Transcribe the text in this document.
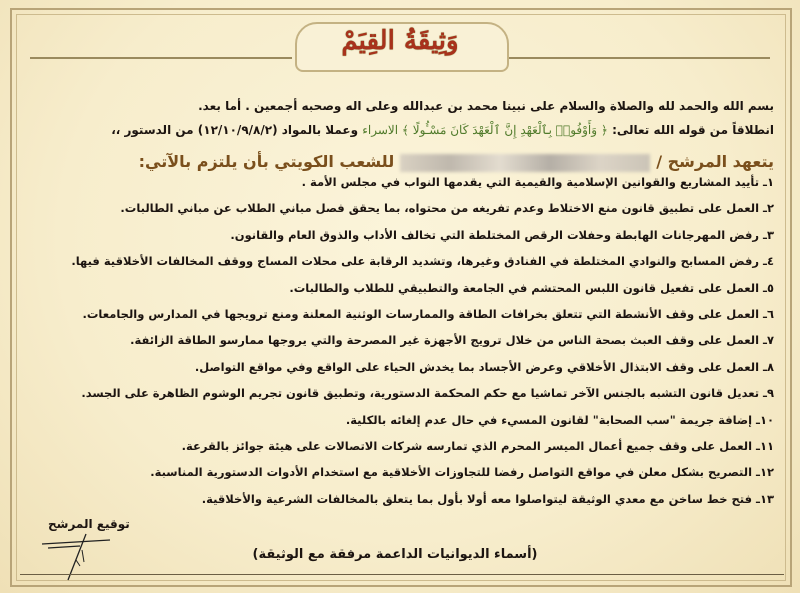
وَثِيقَةُ القِيَمْ
بسم الله والحمد لله والصلاة والسلام على نبينا محمد بن عبدالله وعلى اله وصحبه أجمعين . أما بعد.
انطلاقاً من قوله الله تعالى: ﴿ وَأَوْفُوا۟ بِٱلْعَهْدِ إِنَّ ٱلْعَهْدَ كَانَ مَسْـُٔولًا ﴾ الاسراء وعملا بالمواد (١٢/١٠/٩/٨/٢) من الدستور ،،
يتعهد المرشح /للشعب الكويتي بأن يلتزم بالآتي:
١ـ تأييد المشاريع والقوانين الإسلامية والقيمية التي يقدمها النواب في مجلس الأمة .
٢ـ العمل على تطبيق قانون منع الاختلاط وعدم تفريغه من محتواه، بما يحقق فصل مباني الطلاب عن مباني الطالبات.
٣ـ رفض المهرجانات الهابطة وحفلات الرقص المختلطة التي تخالف الأداب والذوق العام والقانون.
٤ـ رفض المسابح والنوادي المختلطة في الفنادق وغيرها، وتشديد الرقابة على محلات المساج ووقف المخالفات الأخلاقية فيها.
٥ـ العمل على تفعيل قانون اللبس المحتشم في الجامعة والتطبيقي للطلاب والطالبات.
٦ـ العمل على وقف الأنشطة التي تتعلق بخرافات الطاقة والممارسات الوثنية المعلنة ومنع ترويجها في المدارس والجامعات.
٧ـ العمل على وقف العبث بصحة الناس من خلال ترويج الأجهزة غير المصرحة والتي يروجها ممارسو الطاقة الزائفة.
٨ـ العمل على وقف الابتذال الأخلاقي وعرض الأجساد بما يخدش الحياء على الواقع وفي مواقع التواصل.
٩ـ تعديل قانون التشبه بالجنس الآخر تماشيا مع حكم المحكمة الدستورية، وتطبيق قانون تجريم الوشوم الظاهرة على الجسد.
١٠ـ إضافة جريمة "سب الصحابة" لقانون المسيء في حال عدم إلغائه بالكلية.
١١ـ العمل على وقف جميع أعمال الميسر المحرم الذي تمارسه شركات الاتصالات على هيئة جوائز بالقرعة.
١٢ـ التصريح بشكل معلن في مواقع التواصل رفضا للتجاوزات الأخلاقية مع استخدام الأدوات الدستورية المناسبة.
١٣ـ فتح خط ساخن مع معدي الوثيقة ليتواصلوا معه أولا بأول بما يتعلق بالمخالفات الشرعية والأخلاقية.
توقيع المرشح
(أسماء الديوانيات الداعمة مرفقة مع الوثيقة)
